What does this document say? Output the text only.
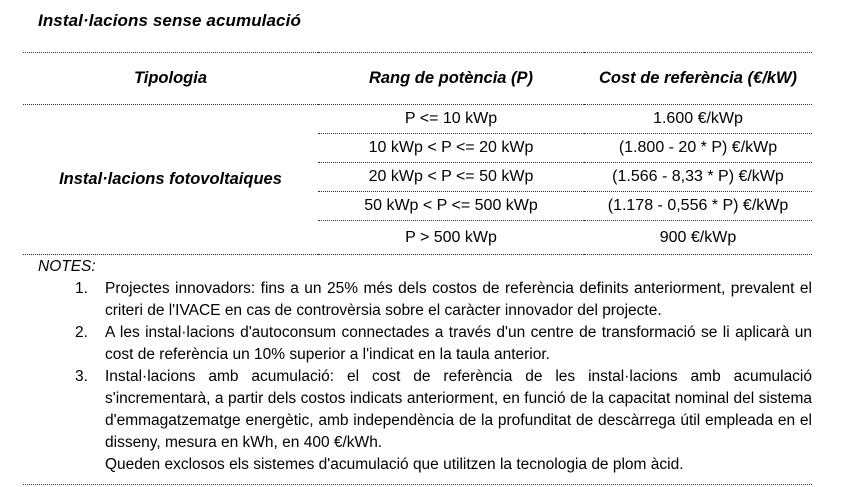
Instal·lacions sense acumulació
Tipologia	Rang de potència (P)	Cost de referència (€/kW)
Instal·lacions fotovoltaiques	P <= 10 kWp	1.600 €/kWp
	10 kWp < P <= 20 kWp	(1.800 - 20 * P) €/kWp
	20 kWp < P <= 50 kWp	(1.566 - 8,33 * P) €/kWp
	50 kWp < P <= 500 kWp	(1.178 - 0,556 * P) €/kWp
	P > 500 kWp	900 €/kWp
NOTES:
1.	Projectes innovadors: fins a un 25% més dels costos de referència definits anteriorment, prevalent el criteri de l'IVACE en cas de controvèrsia sobre el caràcter innovador del projecte.
2.	A les instal·lacions d'autoconsum connectades a través d'un centre de transformació se li aplicarà un cost de referència un 10% superior a l'indicat en la taula anterior.
3.	Instal·lacions amb acumulació: el cost de referència de les instal·lacions amb acumulació s'incrementarà, a partir dels costos indicats anteriorment, en funció de la capacitat nominal del sistema d'emmagatzematge energètic, amb independència de la profunditat de descàrrega útil empleada en el disseny, mesura en kWh, en 400 €/kWh.
Queden exclosos els sistemes d'acumulació que utilitzen la tecnologia de plom àcid.
